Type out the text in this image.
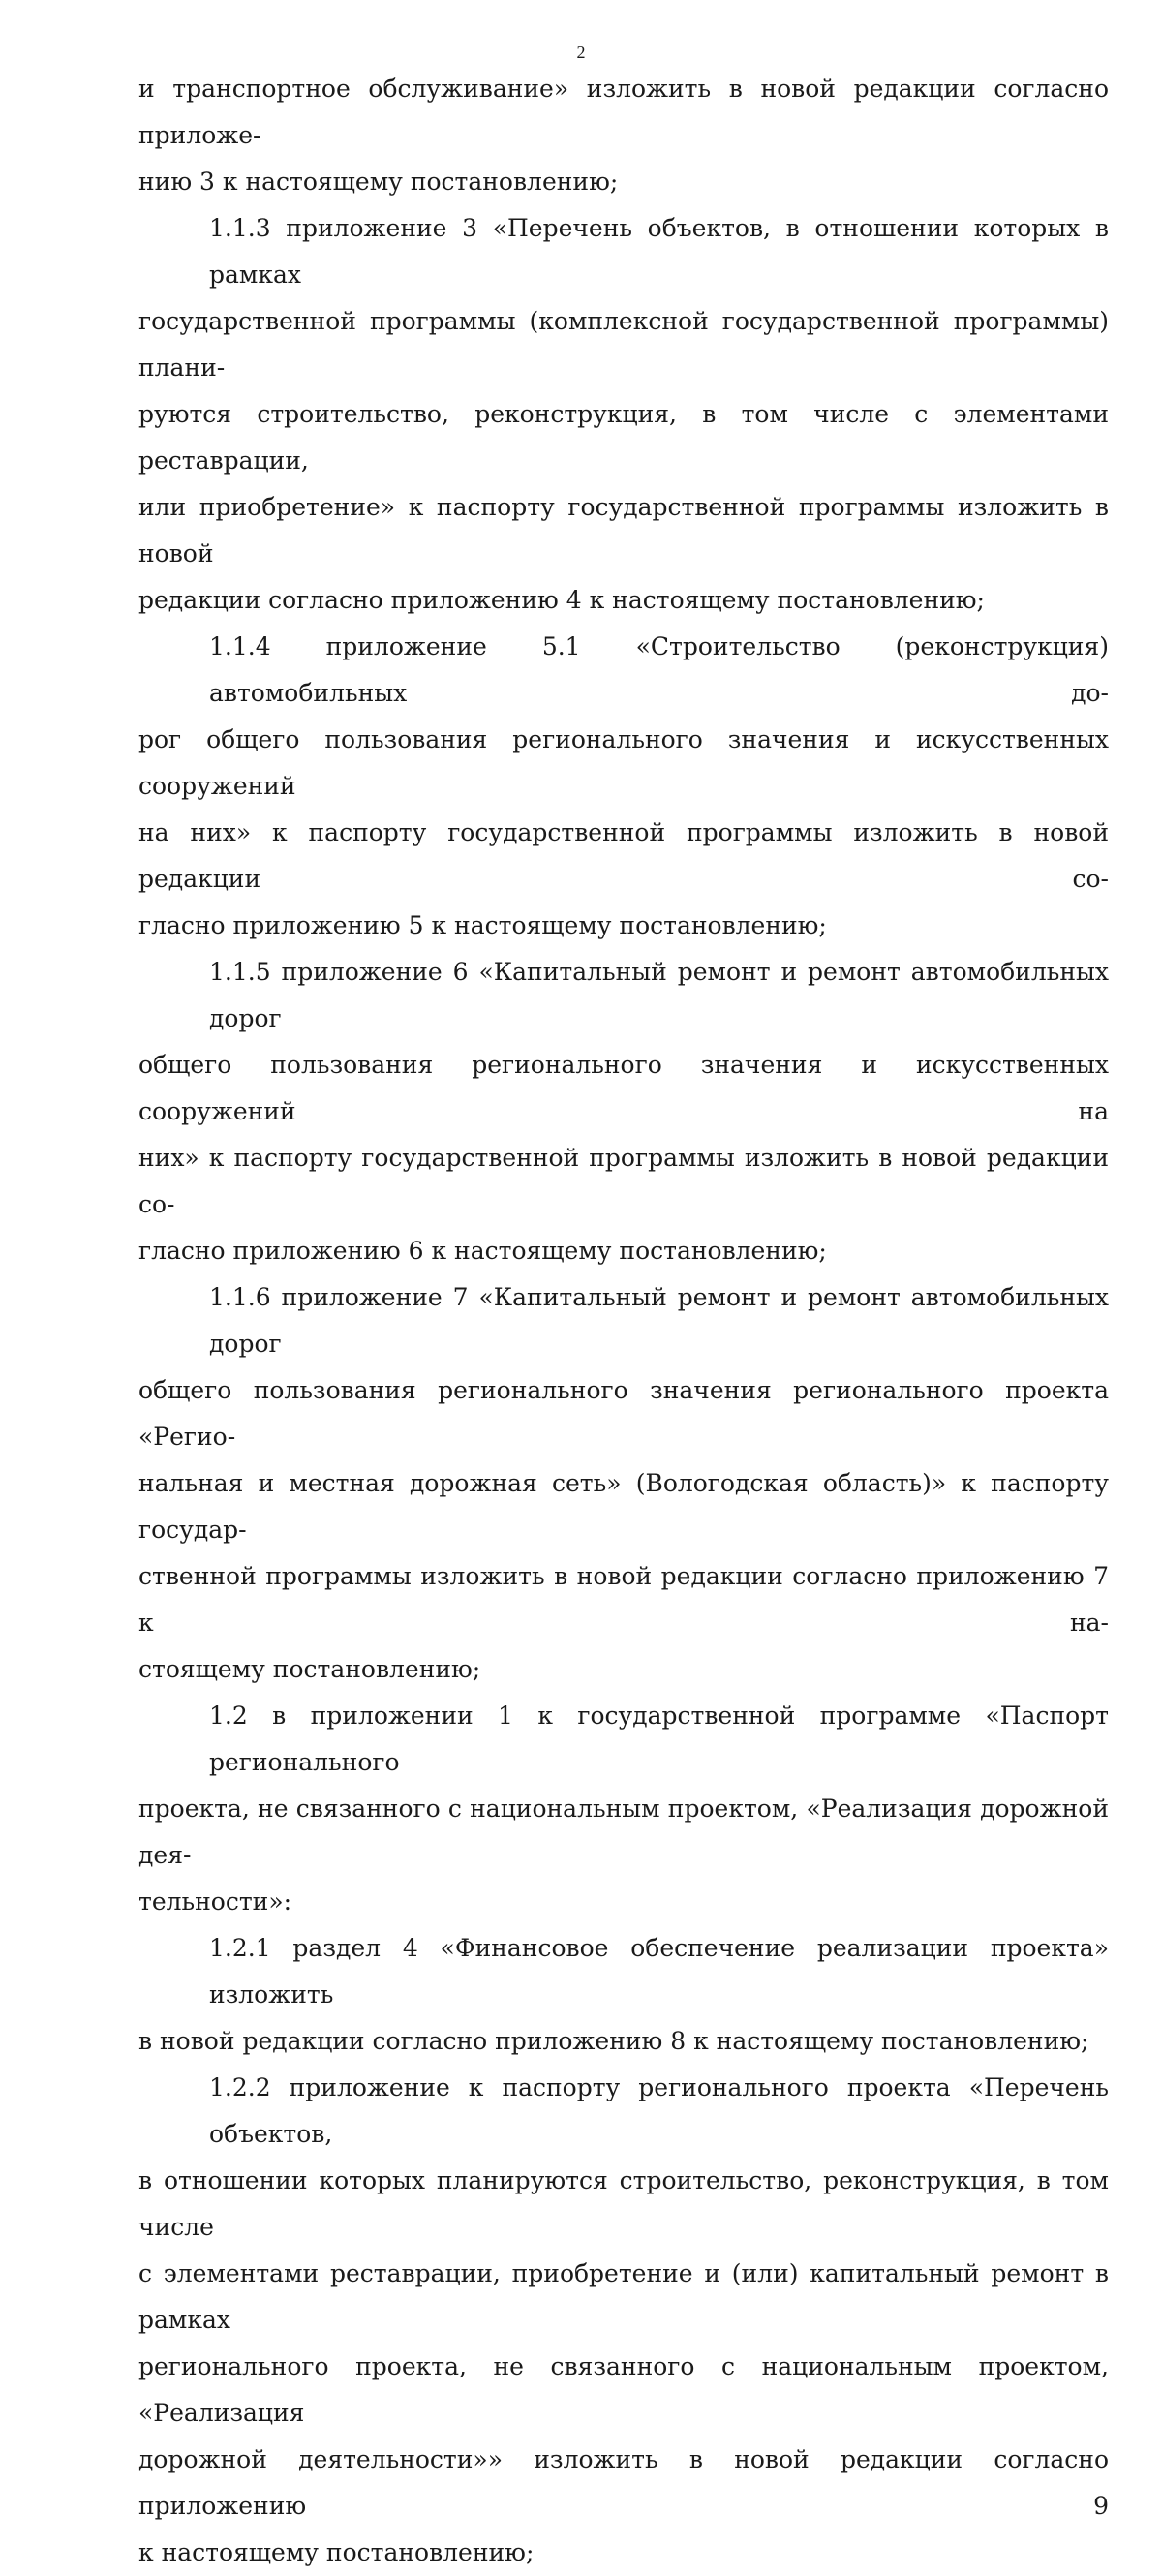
2
и транспортное обслуживание» изложить в новой редакции согласно приложе-
нию 3 к настоящему постановлению;
1.1.3 приложение 3 «Перечень объектов, в отношении которых в рамках
государственной программы (комплексной государственной программы) плани-
руются строительство, реконструкция, в том числе с элементами реставрации,
или приобретение» к паспорту государственной программы изложить в новой
редакции согласно приложению 4 к настоящему постановлению;
1.1.4 приложение 5.1 «Строительство (реконструкция) автомобильных до-
рог общего пользования регионального значения и искусственных сооружений
на них» к паспорту государственной программы изложить в новой редакции со-
гласно приложению 5 к настоящему постановлению;
1.1.5 приложение 6 «Капитальный ремонт и ремонт автомобильных дорог
общего пользования регионального значения и искусственных сооружений на
них» к паспорту государственной программы изложить в новой редакции со-
гласно приложению 6 к настоящему постановлению;
1.1.6 приложение 7 «Капитальный ремонт и ремонт автомобильных дорог
общего пользования регионального значения регионального проекта «Регио-
нальная и местная дорожная сеть» (Вологодская область)» к паспорту государ-
ственной программы изложить в новой редакции согласно приложению 7 к на-
стоящему постановлению;
1.2 в приложении 1 к государственной программе «Паспорт регионального
проекта, не связанного с национальным проектом, «Реализация дорожной дея-
тельности»:
1.2.1 раздел 4 «Финансовое обеспечение реализации проекта» изложить
в новой редакции согласно приложению 8 к настоящему постановлению;
1.2.2 приложение к паспорту регионального проекта «Перечень объектов,
в отношении которых планируются строительство, реконструкция, в том числе
с элементами реставрации, приобретение и (или) капитальный ремонт в рамках
регионального проекта, не связанного с национальным проектом, «Реализация
дорожной деятельности»» изложить в новой редакции согласно приложению 9
к настоящему постановлению;
